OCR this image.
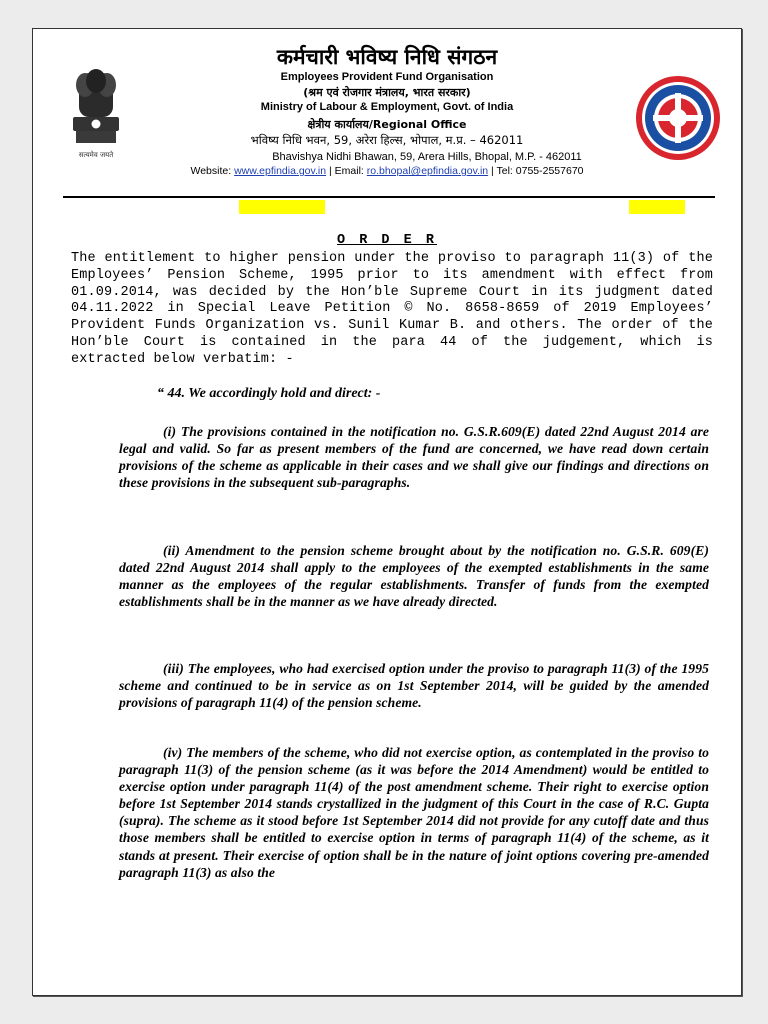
सत्यमेव जयते
कर्मचारी भविष्य निधि संगठन
Employees Provident Fund Organisation
(श्रम एवं रोजगार मंत्रालय, भारत सरकार)
Ministry of Labour & Employment, Govt. of India
क्षेत्रीय कार्यालय/Regional Office
भविष्य निधि भवन, 59, अरेरा हिल्स, भोपाल, म.प्र. – 462011
Bhavishya Nidhi Bhawan, 59, Arera Hills, Bhopal, M.P. - 462011
Website: www.epfindia.gov.in | Email: ro.bhopal@epfindia.gov.in | Tel: 0755-2557670
O R D E R
The entitlement to higher pension under the proviso to paragraph 11(3) of the Employees’ Pension Scheme, 1995 prior to its amendment with effect from 01.09.2014, was decided by the Hon’ble Supreme Court in its judgment dated 04.11.2022 in Special Leave Petition © No. 8658-8659 of 2019 Employees’ Provident Funds Organization vs. Sunil Kumar B. and others. The order of the Hon’ble Court is contained in the para 44 of the judgement, which is extracted below verbatim: -
“ 44. We accordingly hold and direct: -
(i) The provisions contained in the notification no. G.S.R.609(E) dated 22nd August 2014 are legal and valid. So far as present members of the fund are concerned, we have read down certain provisions of the scheme as applicable in their cases and we shall give our findings and directions on these provisions in the subsequent sub-paragraphs.
(ii) Amendment to the pension scheme brought about by the notification no. G.S.R. 609(E) dated 22nd August 2014 shall apply to the employees of the exempted establishments in the same manner as the employees of the regular establishments. Transfer of funds from the exempted establishments shall be in the manner as we have already directed.
(iii) The employees, who had exercised option under the proviso to paragraph 11(3) of the 1995 scheme and continued to be in service as on 1st September 2014, will be guided by the amended provisions of paragraph 11(4) of the pension scheme.
(iv) The members of the scheme, who did not exercise option, as contemplated in the proviso to paragraph 11(3) of the pension scheme (as it was before the 2014 Amendment) would be entitled to exercise option under paragraph 11(4) of the post amendment scheme. Their right to exercise option before 1st September 2014 stands crystallized in the judgment of this Court in the case of R.C. Gupta (supra). The scheme as it stood before 1st September 2014 did not provide for any cutoff date and thus those members shall be entitled to exercise option in terms of paragraph 11(4) of the scheme, as it stands at present. Their exercise of option shall be in the nature of joint options covering pre-amended paragraph 11(3) as also the
